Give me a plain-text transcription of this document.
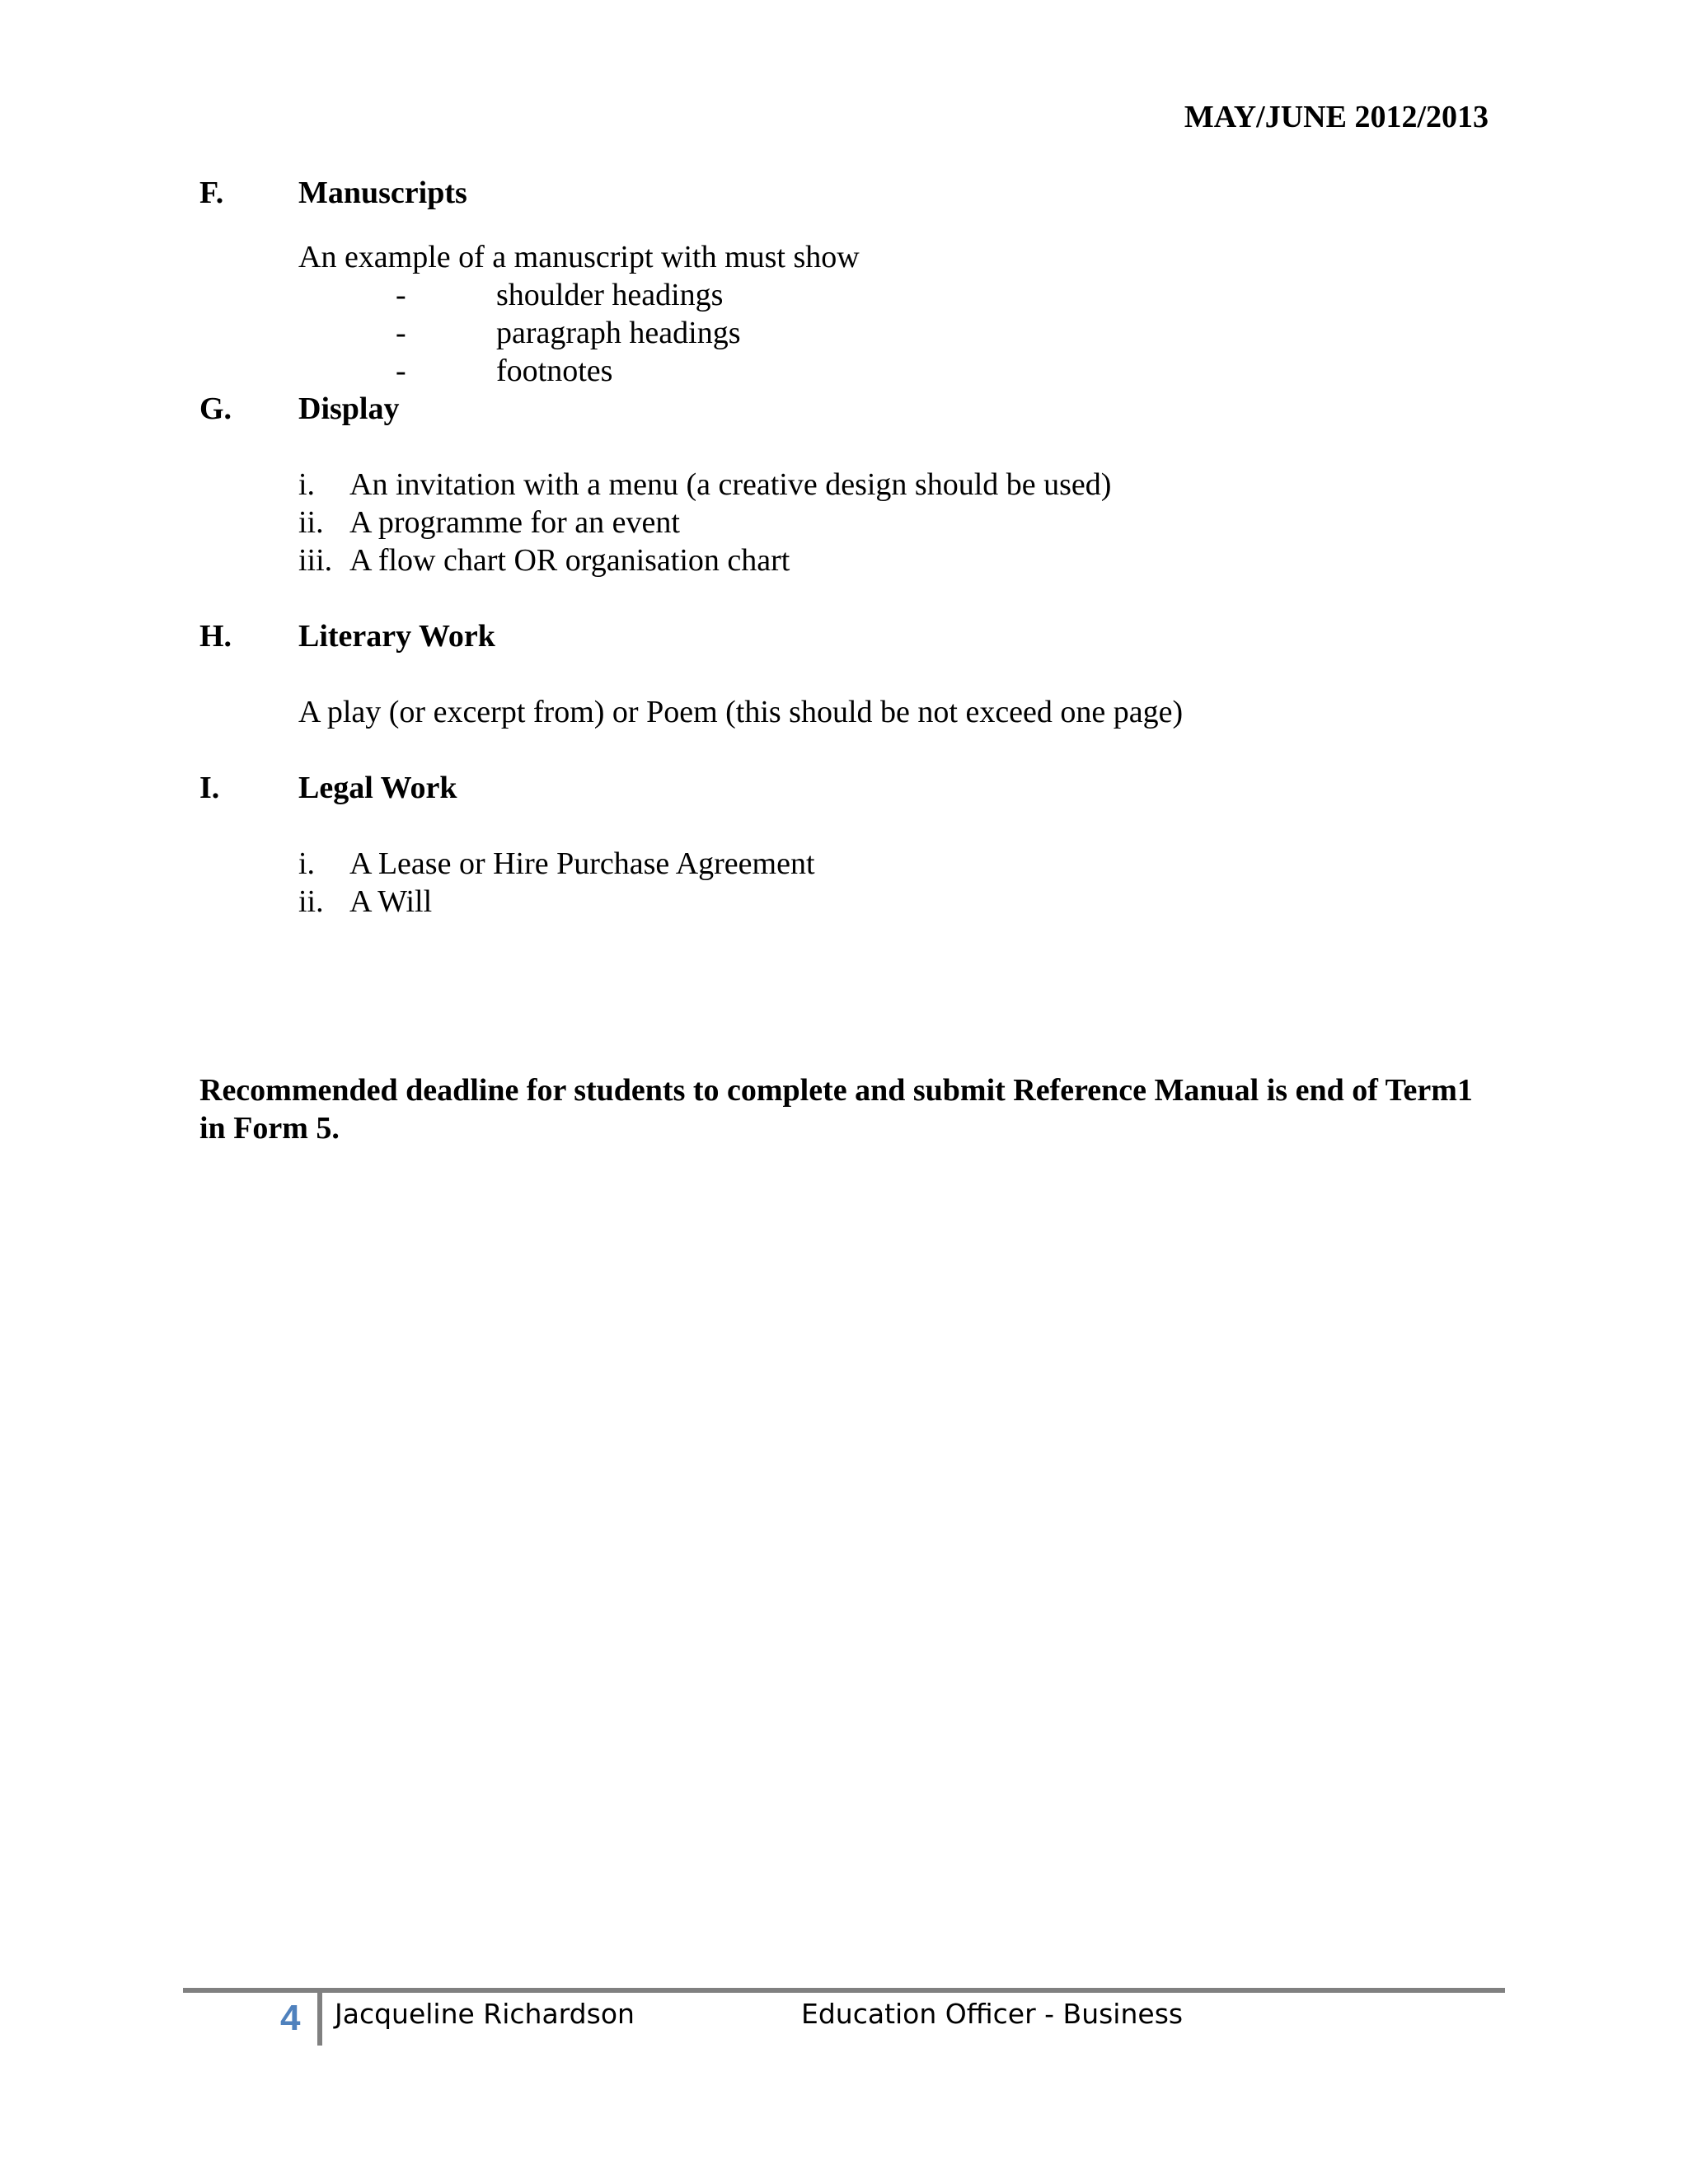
MAY/JUNE 2012/2013
F. Manuscripts
An example of a manuscript with must show
-	shoulder headings
-	paragraph headings
-	footnotes
G. Display
i. An invitation with a menu (a creative design should be used)
ii. A programme for an event
iii. A flow chart OR organisation chart
H. Literary Work
A play (or excerpt from) or Poem (this should be not exceed one page)
I.	Legal Work
i. A Lease or Hire Purchase Agreement
ii. A Will
Recommended deadline for students to complete and submit Reference Manual is end of Term1 in Form 5.
4 Jacqueline Richardson	Education Officer - Business
